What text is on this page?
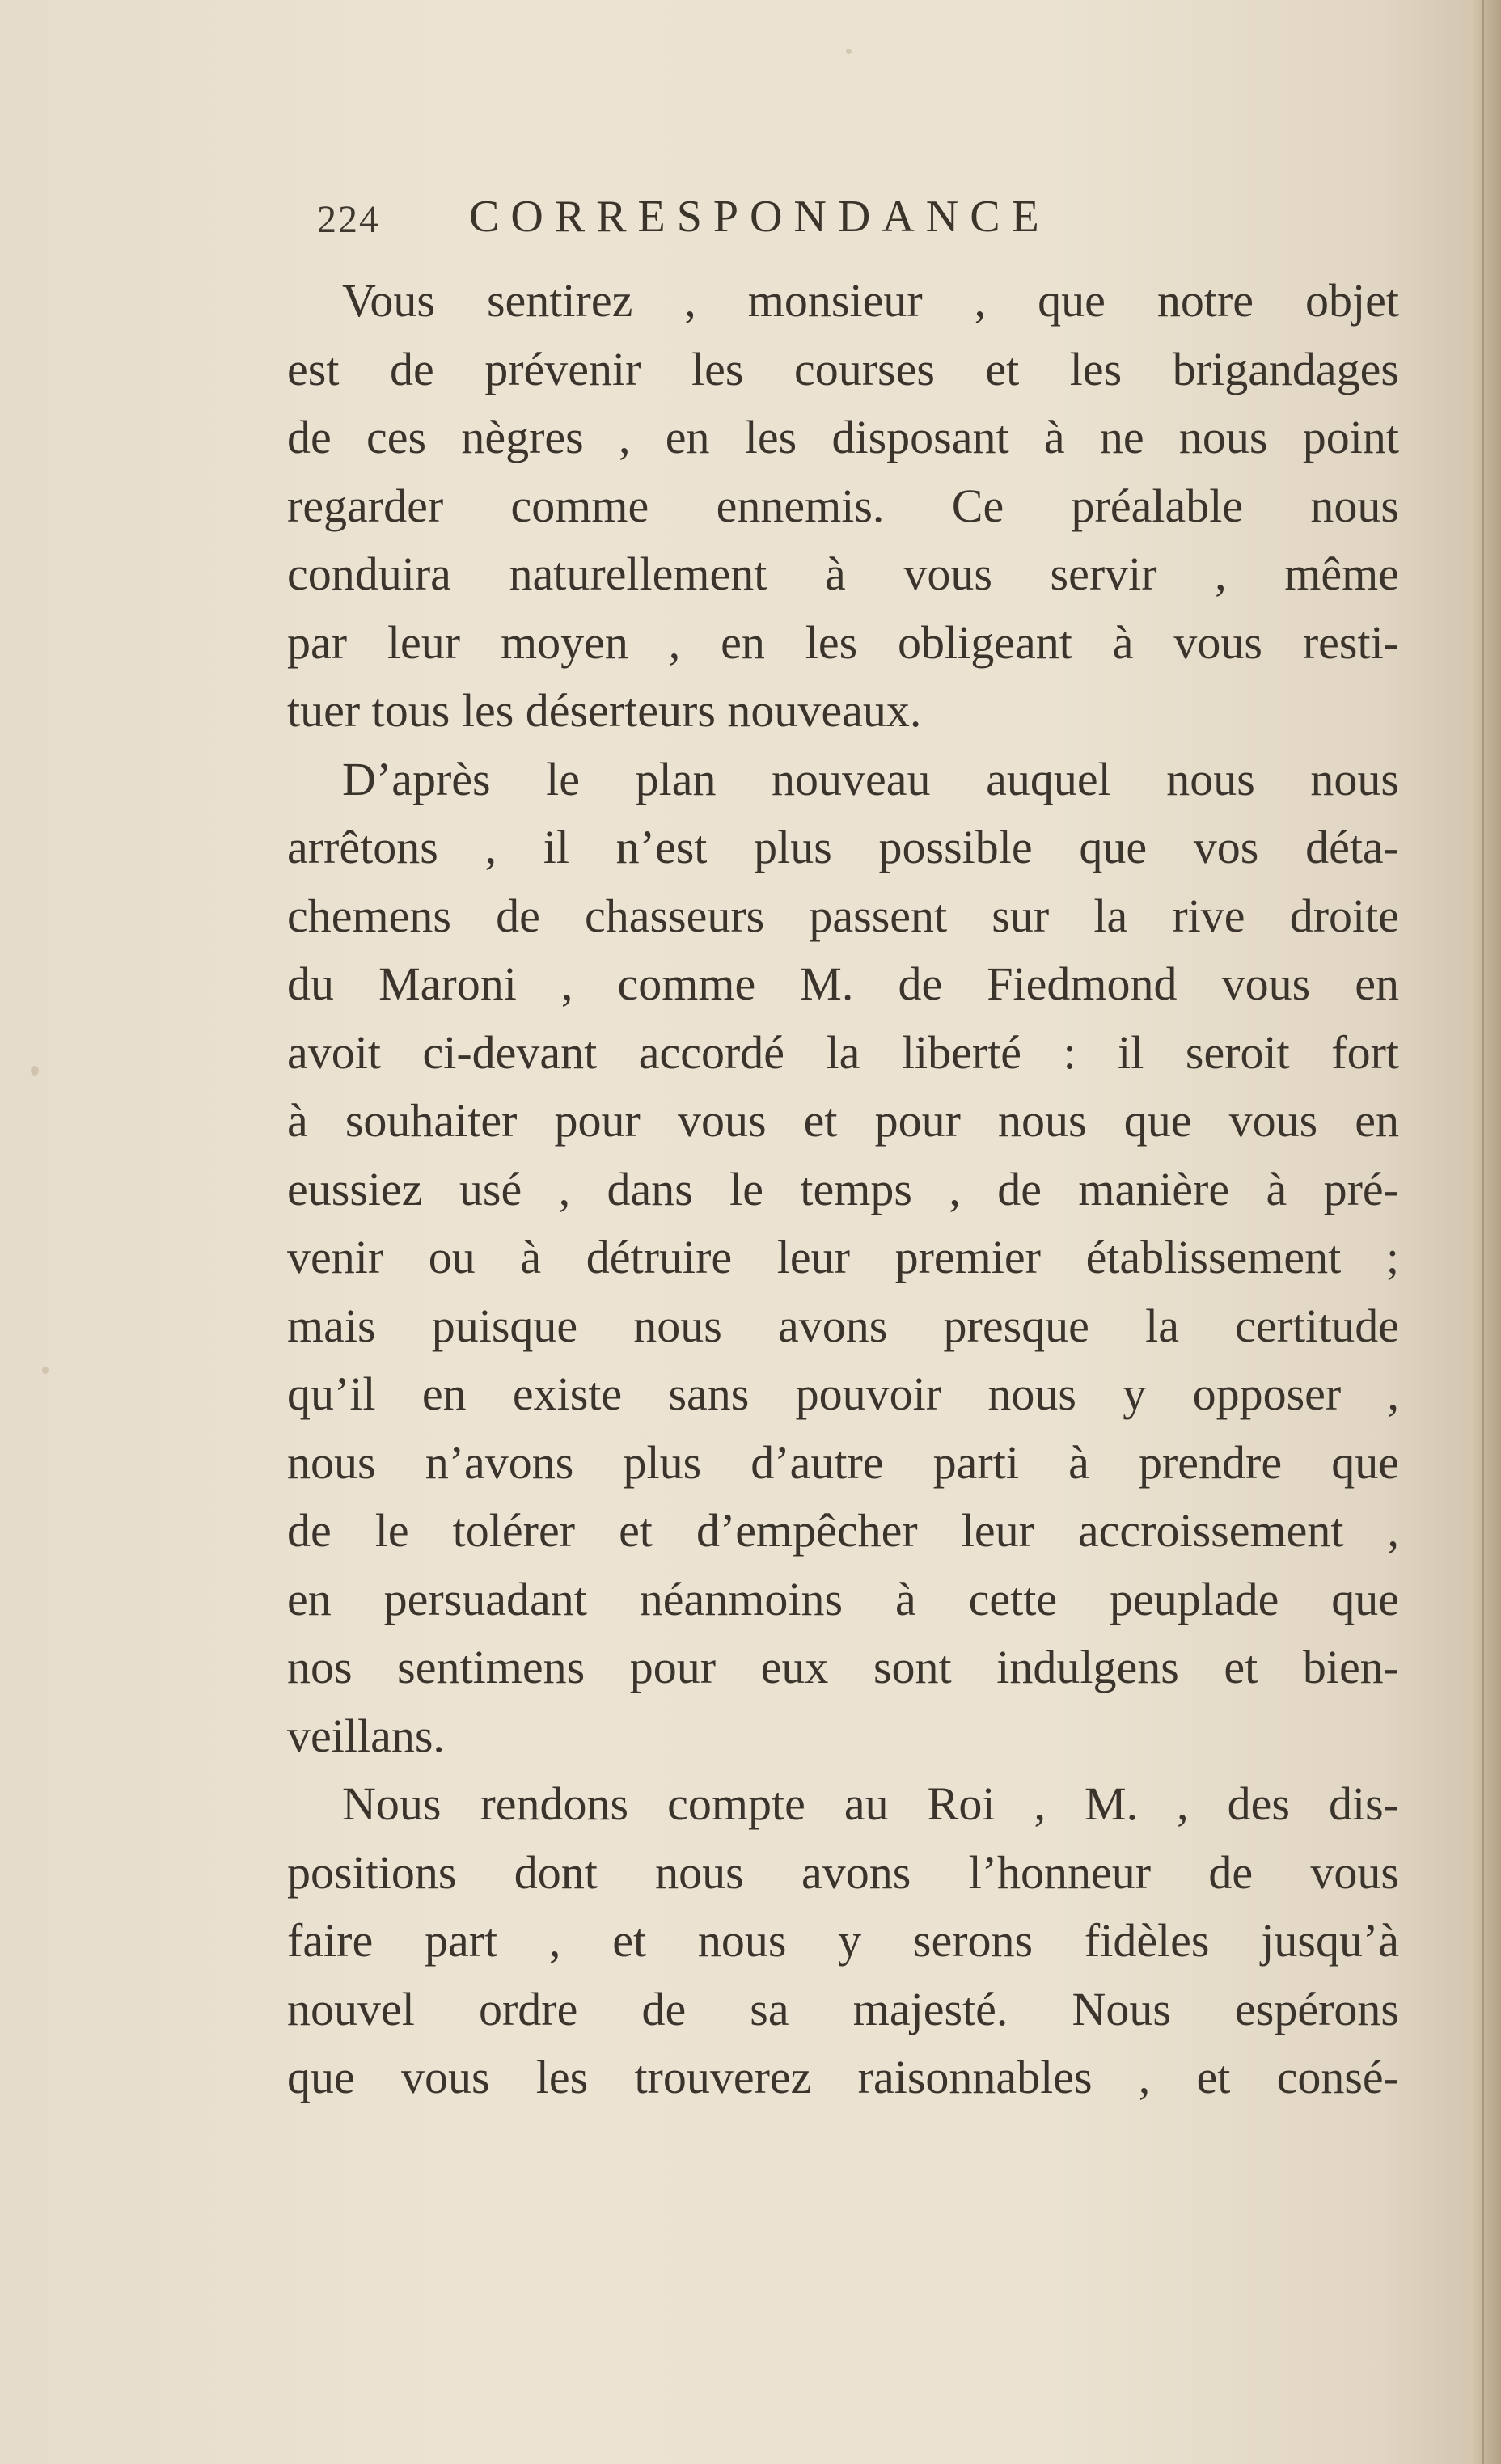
224 CORRESPONDANCE
Vous sentirez , monsieur , que notre objet
est de prévenir les courses et les brigandages
de ces nègres , en les disposant à ne nous point
regarder comme ennemis. Ce préalable nous
conduira naturellement à vous servir , même
par leur moyen , en les obligeant à vous resti-
tuer tous les déserteurs nouveaux.
D’après le plan nouveau auquel nous nous
arrêtons , il n’est plus possible que vos déta-
chemens de chasseurs passent sur la rive droite
du Maroni , comme M. de Fiedmond vous en
avoit ci-devant accordé la liberté : il seroit fort
à souhaiter pour vous et pour nous que vous en
eussiez usé , dans le temps , de manière à pré-
venir ou à détruire leur premier établissement ;
mais puisque nous avons presque la certitude
qu’il en existe sans pouvoir nous y opposer ,
nous n’avons plus d’autre parti à prendre que
de le tolérer et d’empêcher leur accroissement ,
en persuadant néanmoins à cette peuplade que
nos sentimens pour eux sont indulgens et bien-
veillans.
Nous rendons compte au Roi , M. , des dis-
positions dont nous avons l’honneur de vous
faire part , et nous y serons fidèles jusqu’à
nouvel ordre de sa majesté. Nous espérons
que vous les trouverez raisonnables , et consé-
